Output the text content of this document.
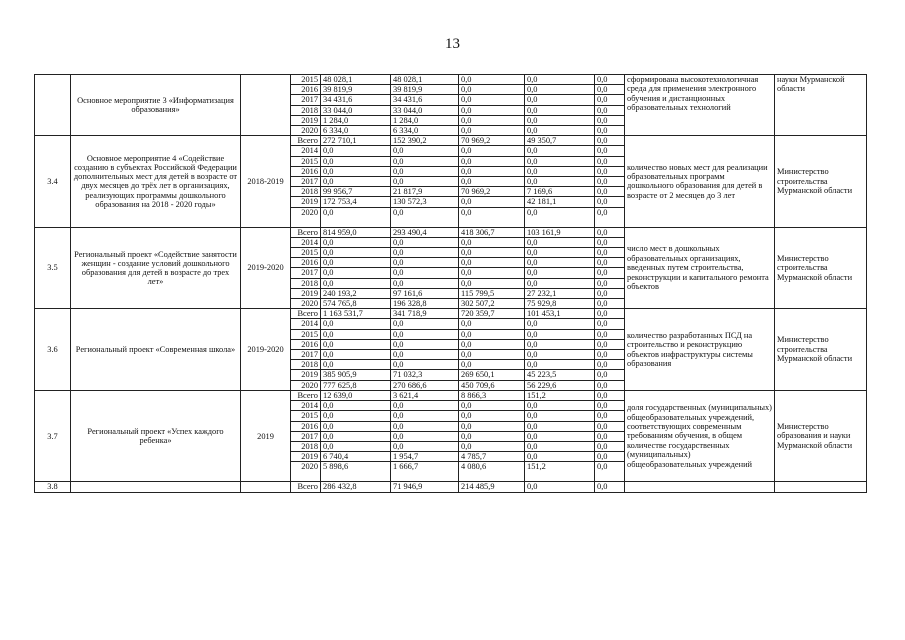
13
	Основное мероприятие 3 «Информатизация образования»		2015	48 028,1	48 028,1	0,0	0,0	0,0	сформирована высокотехнологичная среда для применения электронного обучения и дистанционных образовательных технологий	науки Мурманской области
			2016	39 819,9	39 819,9	0,0	0,0	0,0		
			2017	34 431,6	34 431,6	0,0	0,0	0,0		
			2018	33 044,0	33 044,0	0,0	0,0	0,0		
			2019	1 284,0	1 284,0	0,0	0,0	0,0		
			2020	6 334,0	6 334,0	0,0	0,0	0,0		
3.4	Основное мероприятие 4 «Содействие созданию в субъектах Российской Федерации дополнительных мест для детей в возрасте от двух месяцев до трёх лет в организациях, реализующих программы дошкольного образования на 2018 - 2020 годы»	2018-2019	Всего	272 710,1	152 390,2	70 969,2	49 350,7	0,0	количество новых мест для реализации образовательных программ дошкольного образования для детей в возрасте от 2 месяцев до 3 лет	Министерство строительства Мурманской области
			2014	0,0	0,0	0,0	0,0	0,0		
			2015	0,0	0,0	0,0	0,0	0,0		
			2016	0,0	0,0	0,0	0,0	0,0		
			2017	0,0	0,0	0,0	0,0	0,0		
			2018	99 956,7	21 817,9	70 969,2	7 169,6	0,0		
			2019	172 753,4	130 572,3	0,0	42 181,1	0,0		
			2020	0,0	0,0	0,0	0,0	0,0		
3.5	Региональный проект «Содействие занятости женщин - создание условий дошкольного образования для детей в возрасте до трех лет»	2019-2020	Всего	814 959,0	293 490,4	418 306,7	103 161,9	0,0	число мест в дошкольных образовательных организациях, введенных путем строительства, реконструкции и капитального ремонта объектов	Министерство строительства Мурманской области
			2014	0,0	0,0	0,0	0,0	0,0		
			2015	0,0	0,0	0,0	0,0	0,0		
			2016	0,0	0,0	0,0	0,0	0,0		
			2017	0,0	0,0	0,0	0,0	0,0		
			2018	0,0	0,0	0,0	0,0	0,0		
			2019	240 193,2	97 161,6	115 799,5	27 232,1	0,0		
			2020	574 765,8	196 328,8	302 507,2	75 929,8	0,0		
3.6	Региональный проект «Современная школа»	2019-2020	Всего	1 163 531,7	341 718,9	720 359,7	101 453,1	0,0	количество разработанных ПСД на строительство и реконструкцию объектов инфраструктуры системы образования	Министерство строительства Мурманской области
			2014	0,0	0,0	0,0	0,0	0,0		
			2015	0,0	0,0	0,0	0,0	0,0		
			2016	0,0	0,0	0,0	0,0	0,0		
			2017	0,0	0,0	0,0	0,0	0,0		
			2018	0,0	0,0	0,0	0,0	0,0		
			2019	385 905,9	71 032,3	269 650,1	45 223,5	0,0		
			2020	777 625,8	270 686,6	450 709,6	56 229,6	0,0		
3.7	Региональный проект «Успех каждого ребенка»	2019	Всего	12 639,0	3 621,4	8 866,3	151,2	0,0	доля государственных (муниципальных) общеобразовательных учреждений, соответствующих современным требованиям обучения, в общем количестве государственных (муниципальных) общеобразовательных учреждений	Министерство образования и науки Мурманской области
			2014	0,0	0,0	0,0	0,0	0,0		
			2015	0,0	0,0	0,0	0,0	0,0		
			2016	0,0	0,0	0,0	0,0	0,0		
			2017	0,0	0,0	0,0	0,0	0,0		
			2018	0,0	0,0	0,0	0,0	0,0		
			2019	6 740,4	1 954,7	4 785,7	0,0	0,0		
			2020	5 898,6	1 666,7	4 080,6	151,2	0,0		
3.8			Всего	286 432,8	71 946,9	214 485,9	0,0	0,0		
